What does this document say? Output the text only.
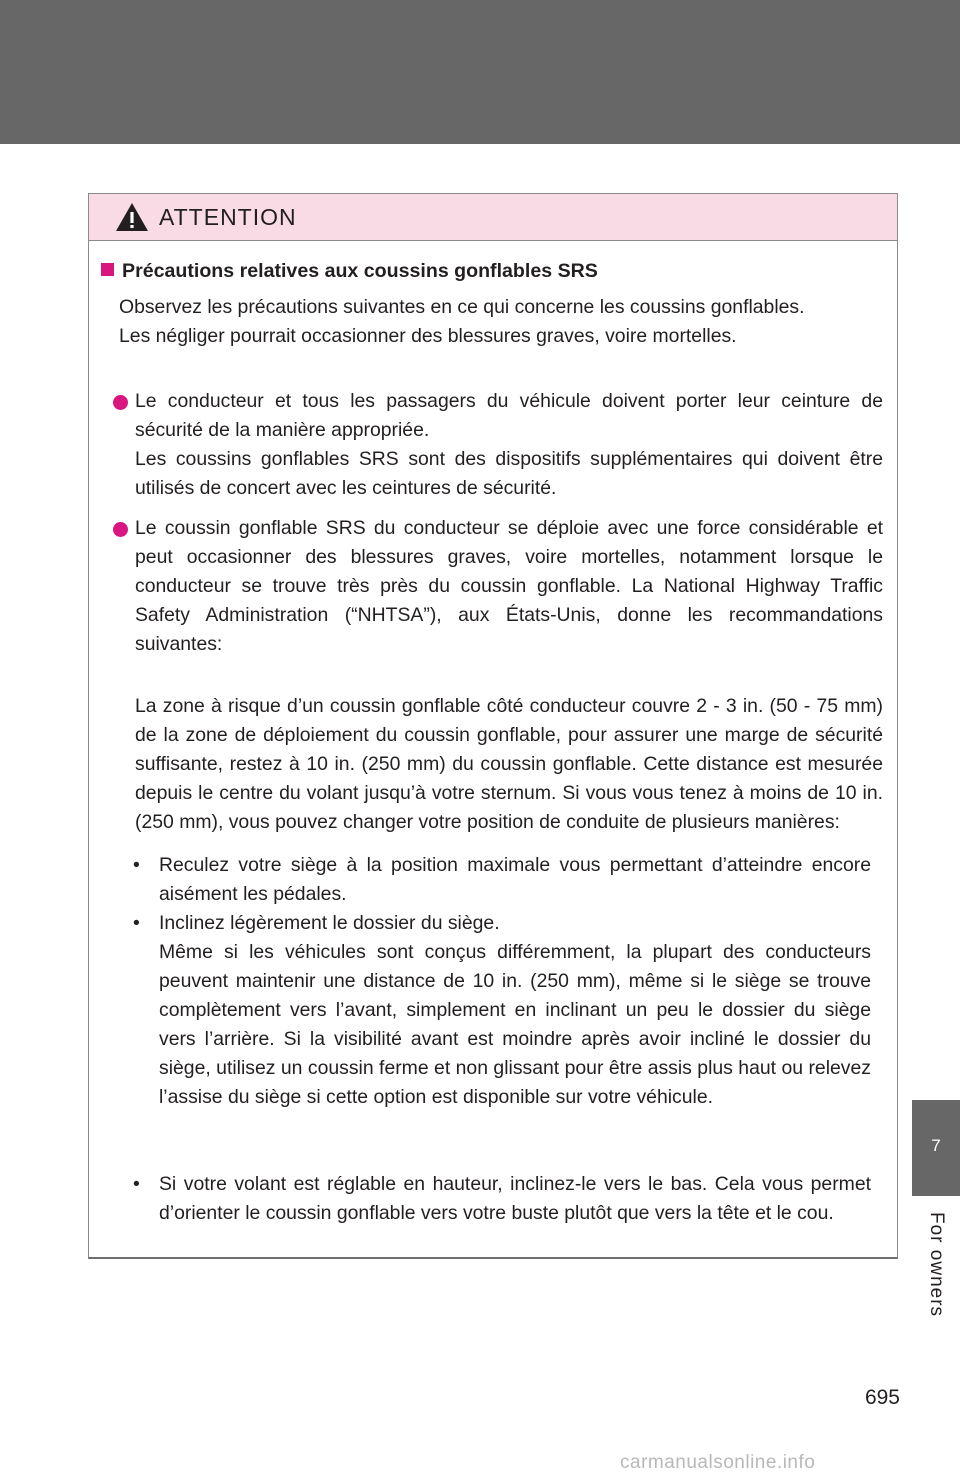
7
For owners
ATTENTION
Précautions relatives aux coussins gonflables SRS
Observez les précautions suivantes en ce qui concerne les coussins gonflables.
Les négliger pourrait occasionner des blessures graves, voire mortelles.
Le conducteur et tous les passagers du véhicule doivent porter leur ceinture de sécurité de la manière appropriée.
Les coussins gonflables SRS sont des dispositifs supplémentaires qui doivent être utilisés de concert avec les ceintures de sécurité.
Le coussin gonflable SRS du conducteur se déploie avec une force considérable et peut occasionner des blessures graves, voire mortelles, notamment lorsque le conducteur se trouve très près du coussin gonflable. La National Highway Traffic Safety Administration (“NHTSA”), aux États-Unis, donne les recommandations suivantes:
La zone à risque d’un coussin gonflable côté conducteur couvre 2 - 3 in. (50 - 75 mm) de la zone de déploiement du coussin gonflable, pour assurer une marge de sécurité suffisante, restez à 10 in. (250 mm) du coussin gonflable. Cette distance est mesurée depuis le centre du volant jusqu’à votre sternum. Si vous vous tenez à moins de 10 in. (250 mm), vous pouvez changer votre position de conduite de plusieurs manières:
• Reculez votre siège à la position maximale vous permettant d’atteindre encore aisément les pédales.
• Inclinez légèrement le dossier du siège.
Même si les véhicules sont conçus différemment, la plupart des conducteurs peuvent maintenir une distance de 10 in. (250 mm), même si le siège se trouve complètement vers l’avant, simplement en inclinant un peu le dossier du siège vers l’arrière. Si la visibilité avant est moindre après avoir incliné le dossier du siège, utilisez un coussin ferme et non glissant pour être assis plus haut ou relevez l’assise du siège si cette option est disponible sur votre véhicule.
• Si votre volant est réglable en hauteur, inclinez-le vers le bas. Cela vous permet d’orienter le coussin gonflable vers votre buste plutôt que vers la tête et le cou.
695
carmanualsonline.info
